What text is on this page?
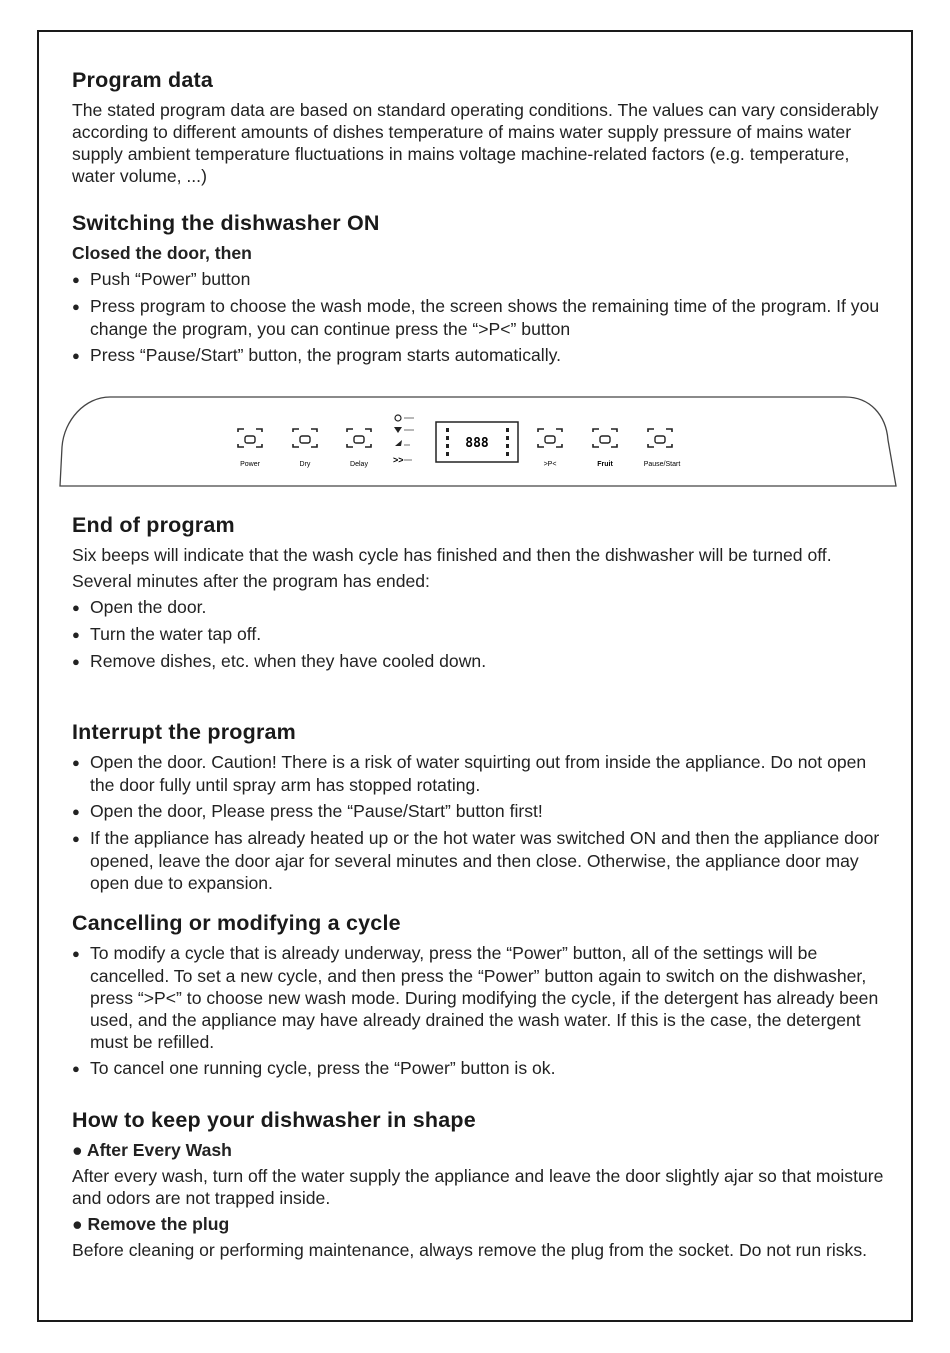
Program data

The stated program data are based on standard operating conditions. The values can vary considerably according to different amounts of dishes temperature of mains water supply pressure of mains water supply ambient temperature fluctuations in mains voltage machine-related factors (e.g. temperature, water volume, ...)

Switching the dishwasher ON
Closed the door, then
● Push “Power” button
● Press program to choose the wash mode, the screen shows the remaining time of the program. If you change the program, you can continue press the “>P<” button
● Press “Pause/Start” button, the program starts automatically.
End of program

Six beeps will indicate that the wash cycle has finished and then the dishwasher will be turned off.

Several minutes after the program has ended:

● Open the door.
● Turn the water tap off.
● Remove dishes, etc. when they have cooled down.
Interrupt the program
● Open the door. Caution! There is a risk of water squirting out from inside the appliance. Do not open the door fully until spray arm has stopped rotating.
● Open the door, Please press the “Pause/Start” button first!
● If the appliance has already heated up or the hot water was switched ON and then the appliance door opened, leave the door ajar for several minutes and then close. Otherwise, the appliance door may open due to expansion.
Cancelling or modifying a cycle
● To modify a cycle that is already underway, press the “Power” button, all of the settings will be cancelled. To set a new cycle, and then press the “Power” button again to switch on the dishwasher, press “>P<” to choose new wash mode. During modifying the cycle, if the detergent has already been used, and the appliance may have already drained the wash water. If this is the case, the detergent must be refilled.
● To cancel one running cycle, press the “Power” button is ok.
How to keep your dishwasher in shape
● After Every Wash

After every wash, turn off the water supply the appliance and leave the door slightly ajar so that moisture and odors are not trapped inside.

● Remove the plug

Before cleaning or performing maintenance, always remove the plug from the socket. Do not run risks.

Power	Dry	Delay	>>
888
>P<	Fruit	Pause/Start
